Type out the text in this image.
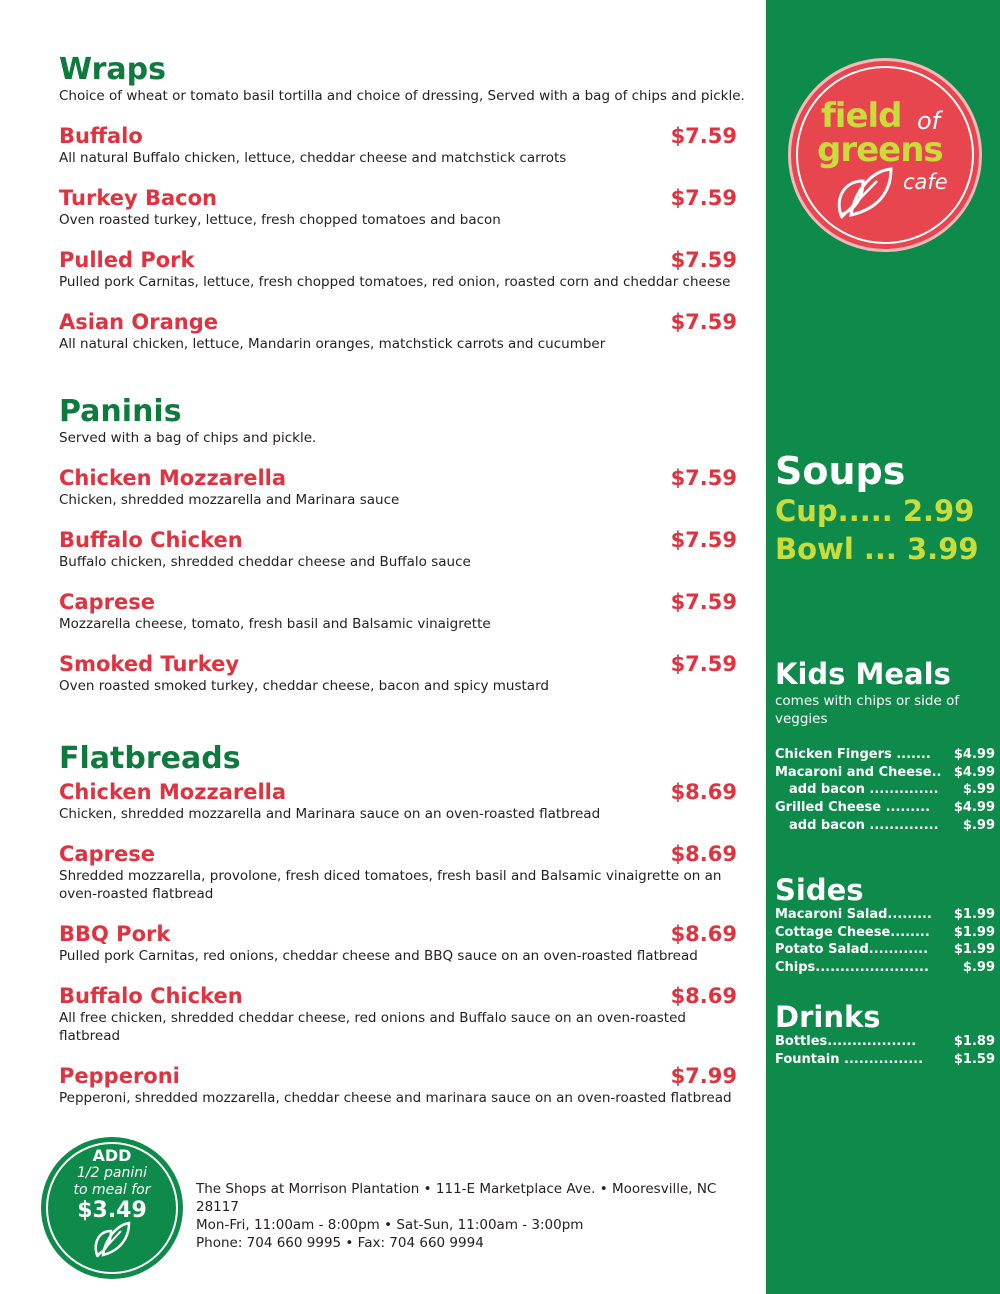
Wraps
Choice of wheat or tomato basil tortilla and choice of dressing, Served with a bag of chips and pickle.
Buffalo	$7.59
All natural Buffalo chicken, lettuce, cheddar cheese and matchstick carrots
Turkey Bacon	$7.59
Oven roasted turkey, lettuce, fresh chopped tomatoes and bacon
Pulled Pork	$7.59
Pulled pork Carnitas, lettuce, fresh chopped tomatoes, red onion, roasted corn and cheddar cheese
Asian Orange	$7.59
All natural chicken, lettuce, Mandarin oranges, matchstick carrots and cucumber
Paninis
Served with a bag of chips and pickle.
Chicken Mozzarella	$7.59
Chicken, shredded mozzarella and Marinara sauce
Buffalo Chicken	$7.59
Buffalo chicken, shredded cheddar cheese and Buffalo sauce
Caprese	$7.59
Mozzarella cheese, tomato, fresh basil and Balsamic vinaigrette
Smoked Turkey	$7.59
Oven roasted smoked turkey, cheddar cheese, bacon and spicy mustard
Flatbreads
Chicken Mozzarella	$8.69
Chicken, shredded mozzarella and Marinara sauce on an oven-roasted flatbread
Caprese	$8.69
Shredded mozzarella, provolone, fresh diced tomatoes, fresh basil and Balsamic vinaigrette on an oven-roasted flatbread
BBQ Pork	$8.69
Pulled pork Carnitas, red onions, cheddar cheese and BBQ sauce on an oven-roasted flatbread
Buffalo Chicken	$8.69
All free chicken, shredded cheddar cheese, red onions and Buffalo sauce on an oven-roasted flatbread
Pepperoni	$7.99
Pepperoni, shredded mozzarella, cheddar cheese and marinara sauce on an oven-roasted flatbread
ADD
1/2 panini
to meal for
$3.49
The Shops at Morrison Plantation • 111-E Marketplace Ave. • Mooresville, NC 28117
Mon-Fri, 11:00am - 8:00pm • Sat-Sun, 11:00am - 3:00pm
Phone: 704 660 9995 • Fax: 704 660 9994
field of
greens
cafe
Soups
Cup..... 2.99
Bowl ... 3.99
Kids Meals
comes with chips or side of veggies
Chicken Fingers .......	$4.99
Macaroni and Cheese.. $4.99
add bacon ..............	$.99
Grilled Cheese .........	$4.99
add bacon ..............	$.99
Sides
Macaroni Salad.........	$1.99
Cottage Cheese........	$1.99
Potato Salad............	$1.99
Chips.......................	$.99
Drinks
Bottles..................	$1.89
Fountain ................	$1.59
